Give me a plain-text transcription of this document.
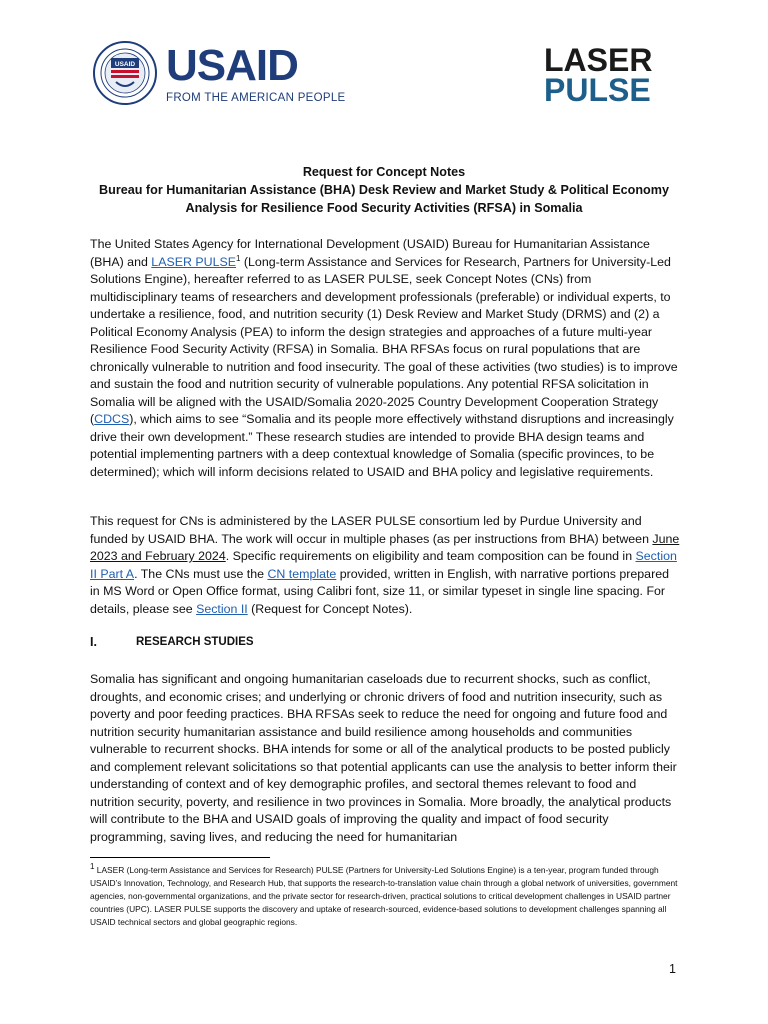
USAID USAID
FROM THE AMERICAN PEOPLE
LASER
PULSE
Request for Concept Notes
Bureau for Humanitarian Assistance (BHA) Desk Review and Market Study & Political Economy
Analysis for Resilience Food Security Activities (RFSA) in Somalia
The United States Agency for International Development (USAID) Bureau for Humanitarian Assistance (BHA) and LASER PULSE$^1$ (Long-term Assistance and Services for Research, Partners for University-Led Solutions Engine), hereafter referred to as LASER PULSE, seek Concept Notes (CNs) from multidisciplinary teams of researchers and development professionals (preferable) or individual experts, to undertake a resilience, food, and nutrition security (1) Desk Review and Market Study (DRMS) and (2) a Political Economy Analysis (PEA) to inform the design strategies and approaches of a future multi-year Resilience Food Security Activity (RFSA) in Somalia. BHA RFSAs focus on rural populations that are chronically vulnerable to nutrition and food insecurity. The goal of these activities (two studies) is to improve and sustain the food and nutrition security of vulnerable populations. Any potential RFSA solicitation in Somalia will be aligned with the USAID/Somalia 2020-2025 Country Development Cooperation Strategy (CDCS), which aims to see “Somalia and its people more effectively withstand disruptions and increasingly drive their own development.” These research studies are intended to provide BHA design teams and potential implementing partners with a deep contextual knowledge of Somalia (specific provinces, to be determined); which will inform decisions related to USAID and BHA policy and legislative requirements.
This request for CNs is administered by the LASER PULSE consortium led by Purdue University and funded by USAID BHA. The work will occur in multiple phases (as per instructions from BHA) between June 2023 and February 2024. Specific requirements on eligibility and team composition can be found in Section II Part A. The CNs must use the CN template provided, written in English, with narrative portions prepared in MS Word or Open Office format, using Calibri font, size 11, or similar typeset in single line spacing. For details, please see Section II (Request for Concept Notes).
I.	RESEARCH STUDIES
Somalia has significant and ongoing humanitarian caseloads due to recurrent shocks, such as conflict, droughts, and economic crises; and underlying or chronic drivers of food and nutrition insecurity, such as poverty and poor feeding practices. BHA RFSAs seek to reduce the need for ongoing and future food and nutrition security humanitarian assistance and build resilience among households and communities vulnerable to recurrent shocks. BHA intends for some or all of the analytical products to be posted publicly and complement relevant solicitations so that potential applicants can use the analysis to better inform their understanding of context and of key demographic profiles, and sectoral themes relevant to food and nutrition security, poverty, and resilience in two provinces in Somalia. More broadly, the analytical products will contribute to the BHA and USAID goals of improving the quality and impact of food security programming, saving lives, and reducing the need for humanitarian
$^1$ LASER (Long-term Assistance and Services for Research) PULSE (Partners for University-Led Solutions Engine) is a ten-year, program funded through USAID’s Innovation, Technology, and Research Hub, that supports the research-to-translation value chain through a global network of universities, government agencies, non-governmental organizations, and the private sector for research-driven, practical solutions to critical development challenges in USAID partner countries (UPC). LASER PULSE supports the discovery and uptake of research-sourced, evidence-based solutions to development challenges spanning all USAID technical sectors and global geographic regions.
1
